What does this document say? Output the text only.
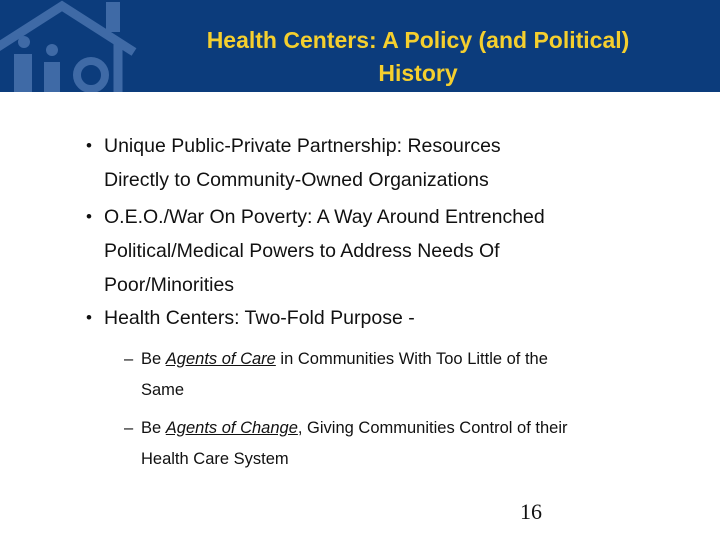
Health Centers: A Policy (and Political)
History
• Unique Public-Private Partnership: Resources
Directly to Community-Owned Organizations
• O.E.O./War On Poverty: A Way Around Entrenched
Political/Medical Powers to Address Needs Of
Poor/Minorities
• Health Centers: Two-Fold Purpose -
– Be Agents of Care in Communities With Too Little of the
Same
– Be Agents of Change, Giving Communities Control of their
Health Care System
16
